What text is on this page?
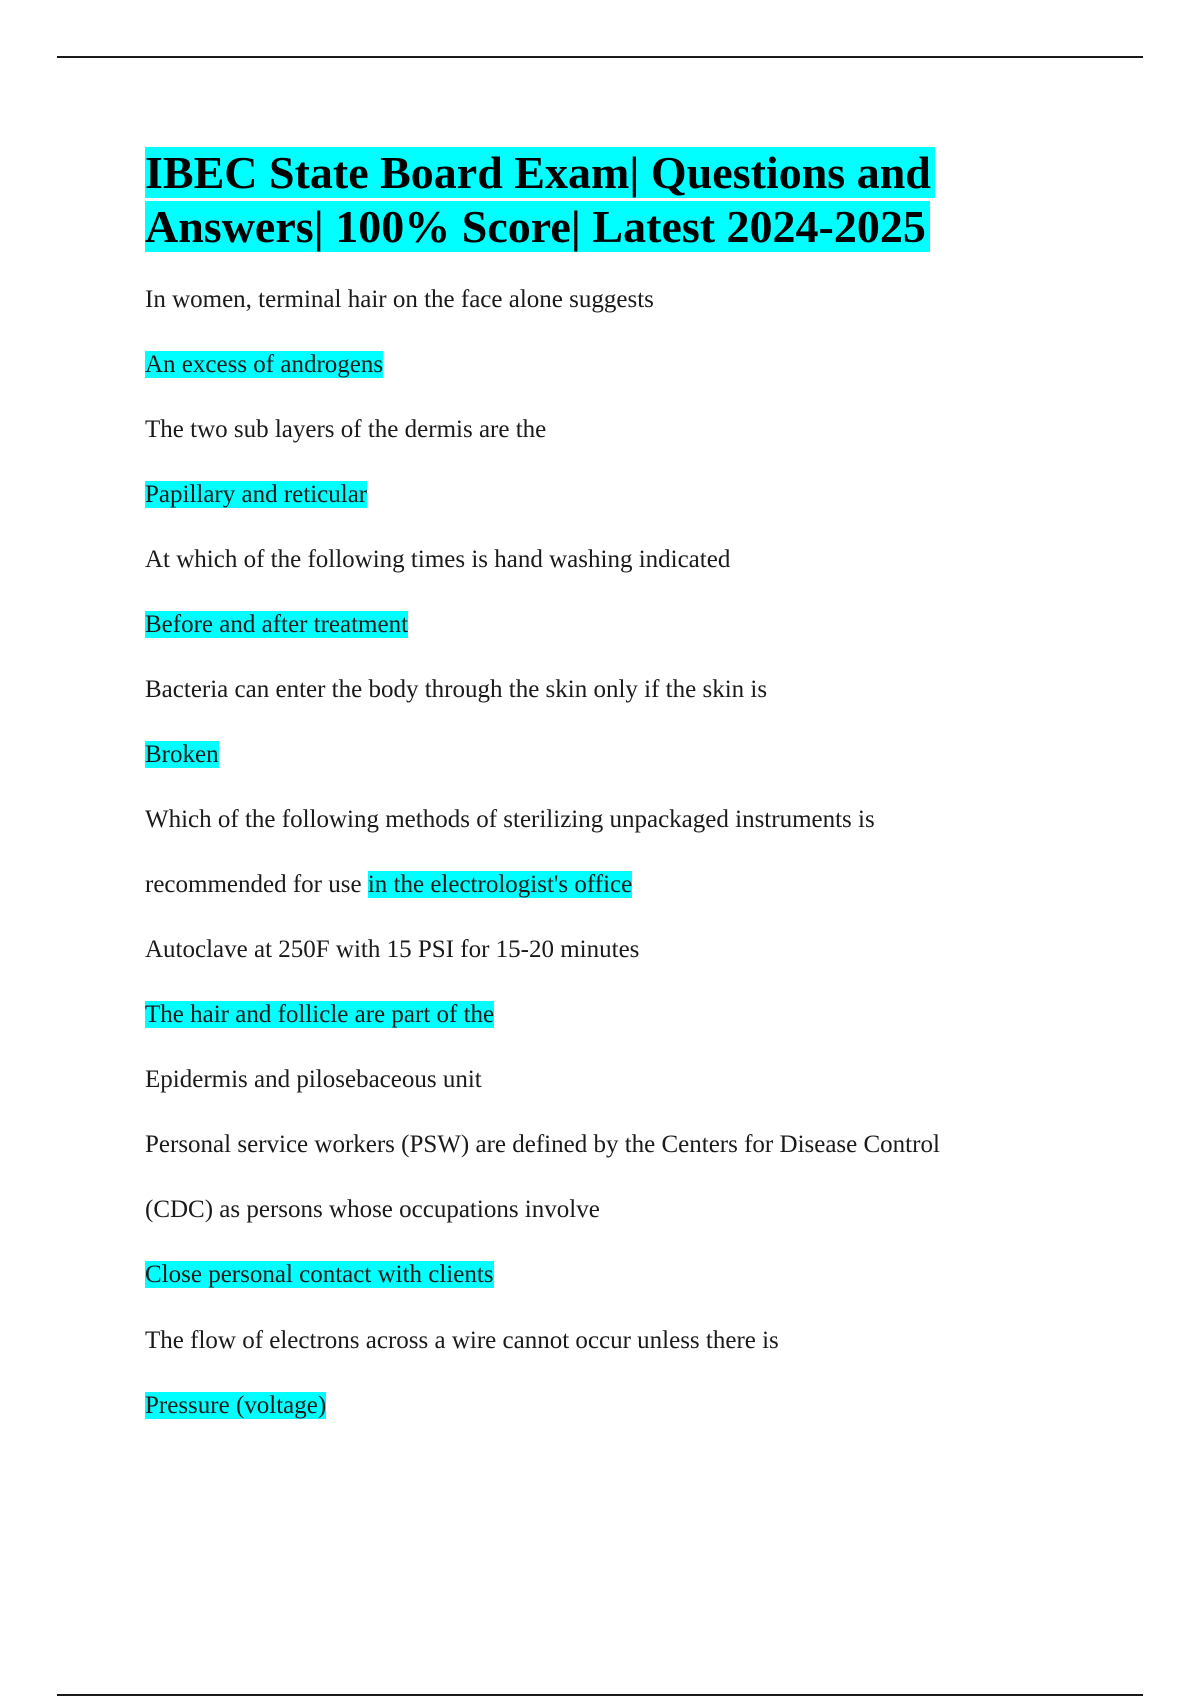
IBEC State Board Exam| Questions and
Answers| 100% Score| Latest 2024-2025
In women, terminal hair on the face alone suggests
An excess of androgens
The two sub layers of the dermis are the
Papillary and reticular
At which of the following times is hand washing indicated
Before and after treatment
Bacteria can enter the body through the skin only if the skin is
Broken
Which of the following methods of sterilizing unpackaged instruments is
recommended for use in the electrologist's office
Autoclave at 250F with 15 PSI for 15-20 minutes
The hair and follicle are part of the
Epidermis and pilosebaceous unit
Personal service workers (PSW) are defined by the Centers for Disease Control
(CDC) as persons whose occupations involve
Close personal contact with clients
The flow of electrons across a wire cannot occur unless there is
Pressure (voltage)
